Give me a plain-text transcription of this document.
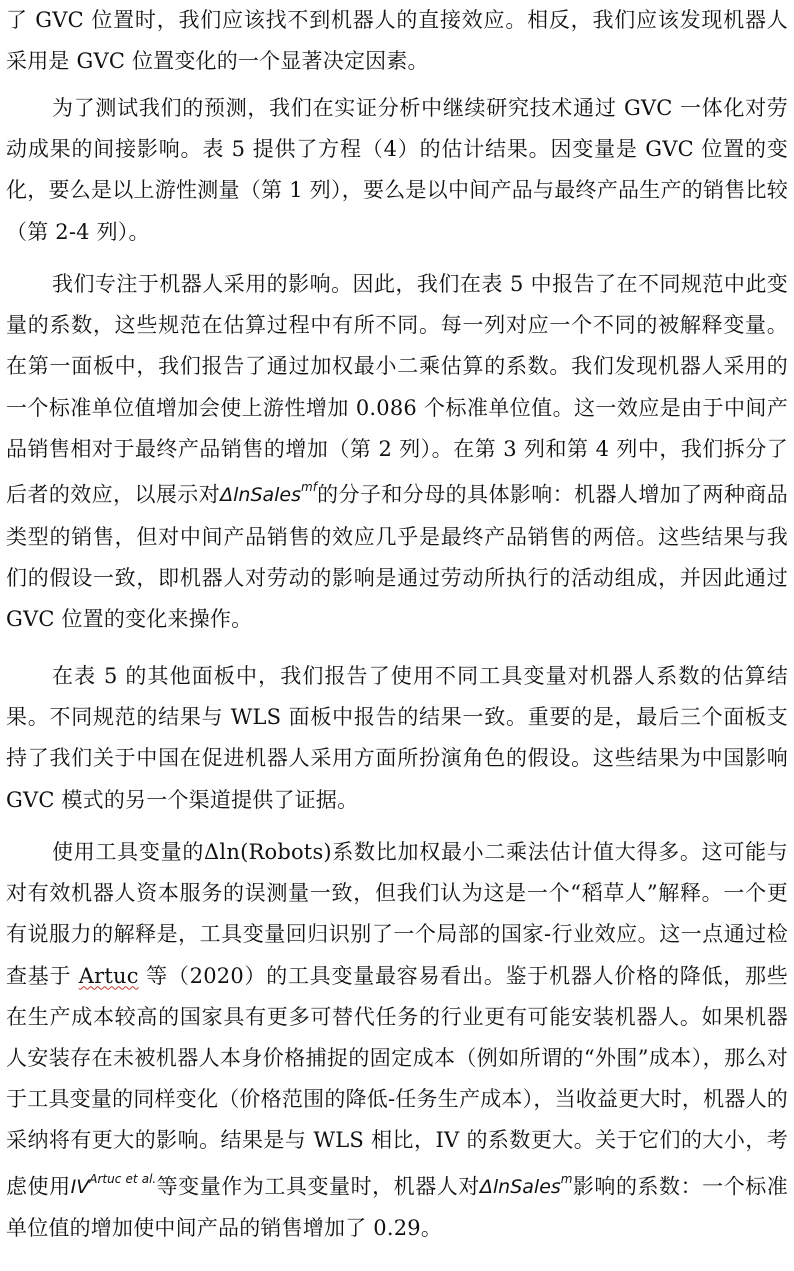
了 GVC 位置时，我们应该找不到机器人的直接效应。相反，我们应该发现机器人采用是 GVC 位置变化的一个显著决定因素。

为了测试我们的预测，我们在实证分析中继续研究技术通过 GVC 一体化对劳动成果的间接影响。表 5 提供了方程（4）的估计结果。因变量是 GVC 位置的变化，要么是以上游性测量（第 1 列），要么是以中间产品与最终产品生产的销售比较（第 2-4 列）。

我们专注于机器人采用的影响。因此，我们在表 5 中报告了在不同规范中此变量的系数，这些规范在估算过程中有所不同。每一列对应一个不同的被解释变量。在第一面板中，我们报告了通过加权最小二乘估算的系数。我们发现机器人采用的一个标准单位值增加会使上游性增加 0.086 个标准单位值。这一效应是由于中间产品销售相对于最终产品销售的增加（第 2 列）。在第 3 列和第 4 列中，我们拆分了后者的效应，以展示对ΔlnSales$^{mf}$的分子和分母的具体影响：机器人增加了两种商品类型的销售，但对中间产品销售的效应几乎是最终产品销售的两倍。这些结果与我们的假设一致，即机器人对劳动的影响是通过劳动所执行的活动组成，并因此通过 GVC 位置的变化来操作。

在表 5 的其他面板中，我们报告了使用不同工具变量对机器人系数的估算结果。不同规范的结果与 WLS 面板中报告的结果一致。重要的是，最后三个面板支持了我们关于中国在促进机器人采用方面所扮演角色的假设。这些结果为中国影响 GVC 模式的另一个渠道提供了证据。

使用工具变量的Δln(Robots)系数比加权最小二乘法估计值大得多。这可能与对有效机器人资本服务的误测量一致，但我们认为这是一个“稻草人”解释。一个更有说服力的解释是，工具变量回归识别了一个局部的国家-行业效应。这一点通过检查基于 Artuc 等（2020）的工具变量最容易看出。鉴于机器人价格的降低，那些在生产成本较高的国家具有更多可替代任务的行业更有可能安装机器人。如果机器人安装存在未被机器人本身价格捕捉的固定成本（例如所谓的“外围”成本），那么对于工具变量的同样变化（价格范围的降低-任务生产成本），当收益更大时，机器人的采纳将有更大的影响。结果是与 WLS 相比，IV 的系数更大。关于它们的大小，考虑使用$IV^{Artuc et al.}$等变量作为工具变量时，机器人对ΔlnSales$^m$影响的系数：一个标准单位值的增加使中间产品的销售增加了 0.29。
